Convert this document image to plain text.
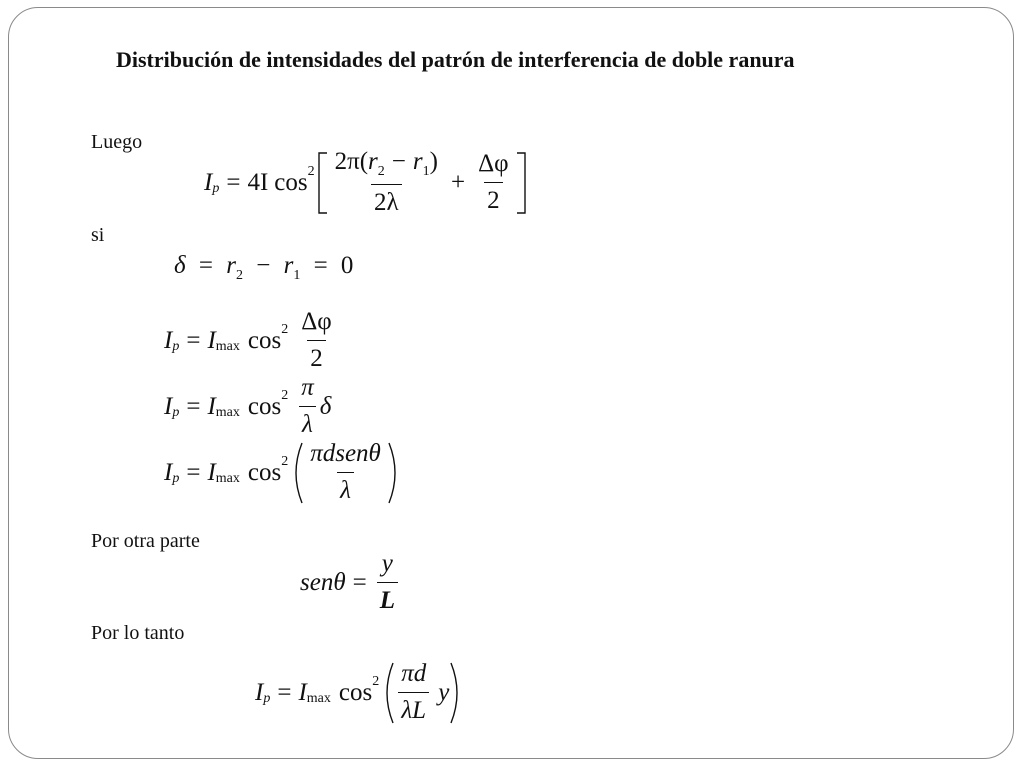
Distribución de intensidades del patrón de interferencia de doble ranura
Luego
I p = 4I $\cos 2 \frac{2\pi(r_2 - r_1)}{2\lambda} + \frac{\Delta\varphi}{2}$
si
$\delta = r_2 - r_1 = 0$
I p = I $\max \cos 2 \frac{\Delta\varphi}{2}$
I p = I $\max \cos 2 \frac{\pi}{\lambda}$ δ
I p = I $\max \cos 2 \frac{\text{πdsenθ}}{\lambda}$
Por otra parte
$sen\theta = \frac{y}{L}$
Por lo tanto
I p = I $\max \cos 2 \frac{\pi d}{\lambda L}$ y
